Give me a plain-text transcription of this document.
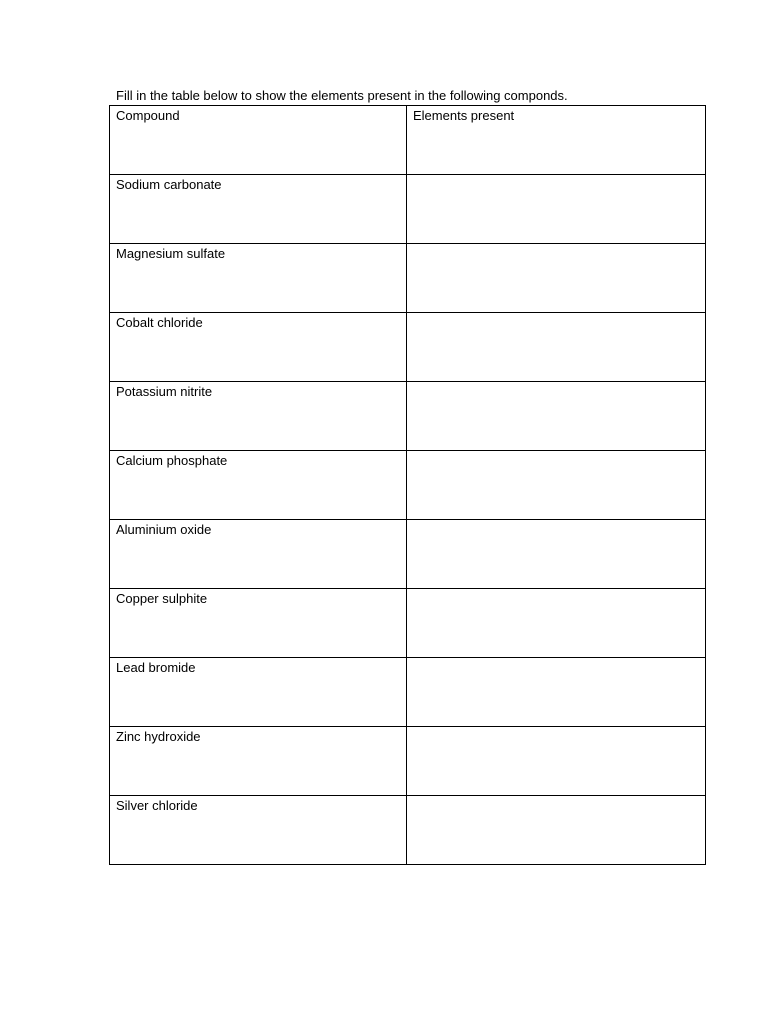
Fill in the table below to show the elements present in the following componds.
Compound	Elements present
Sodium carbonate	
Magnesium sulfate	
Cobalt chloride	
Potassium nitrite	
Calcium phosphate	
Aluminium oxide	
Copper sulphite	
Lead bromide	
Zinc hydroxide	
Silver chloride	
